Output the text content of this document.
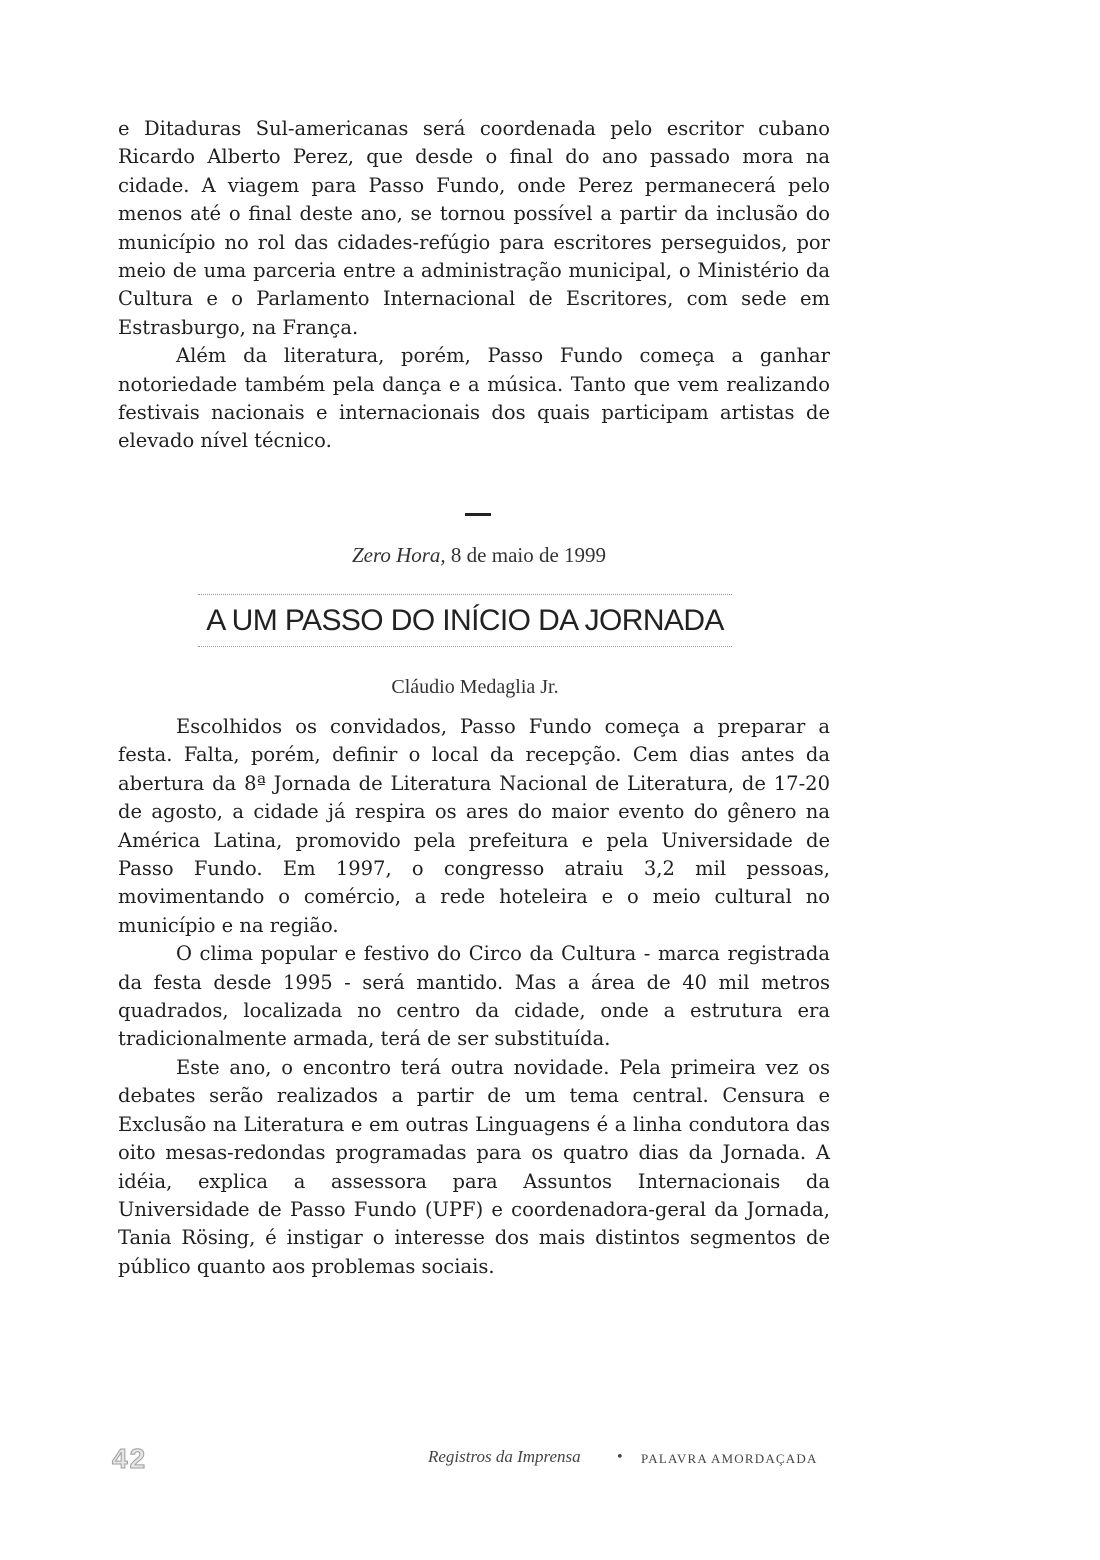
e Ditaduras Sul-americanas será coordenada pelo escritor cubano Ricardo Alberto Perez, que desde o final do ano passado mora na cidade. A viagem para Passo Fundo, onde Perez permanecerá pelo menos até o final deste ano, se tornou possível a partir da inclusão do município no rol das cidades-refúgio para escritores perseguidos, por meio de uma parceria entre a administração municipal, o Ministério da Cultura e o Parlamento Internacional de Escritores, com sede em Estrasburgo, na França.

Além da literatura, porém, Passo Fundo começa a ganhar notoriedade também pela dança e a música. Tanto que vem realizando festivais nacionais e internacionais dos quais participam artistas de elevado nível técnico.

Zero Hora, 8 de maio de 1999
A UM PASSO DO INÍCIO DA JORNADA
Cláudio Medaglia Jr.

Escolhidos os convidados, Passo Fundo começa a preparar a festa. Falta, porém, definir o local da recepção. Cem dias antes da abertura da 8ª Jornada de Literatura Nacional de Literatura, de 17-20 de agosto, a cidade já respira os ares do maior evento do gênero na América Latina, promovido pela prefeitura e pela Universidade de Passo Fundo. Em 1997, o congresso atraiu 3,2 mil pessoas, movimentando o comércio, a rede hoteleira e o meio cultural no município e na região.

O clima popular e festivo do Circo da Cultura - marca registrada da festa desde 1995 - será mantido. Mas a área de 40 mil metros quadrados, localizada no centro da cidade, onde a estrutura era tradicionalmente armada, terá de ser substituída.

Este ano, o encontro terá outra novidade. Pela primeira vez os debates serão realizados a partir de um tema central. Censura e Exclusão na Literatura e em outras Linguagens é a linha condutora das oito mesas-redondas programadas para os quatro dias da Jornada. A idéia, explica a assessora para Assuntos Internacionais da Universidade de Passo Fundo (UPF) e coordenadora-geral da Jornada, Tania Rösing, é instigar o interesse dos mais distintos segmentos de público quanto aos problemas sociais.

42	Registros da Imprensa	• PALAVRA AMORDAÇADA
